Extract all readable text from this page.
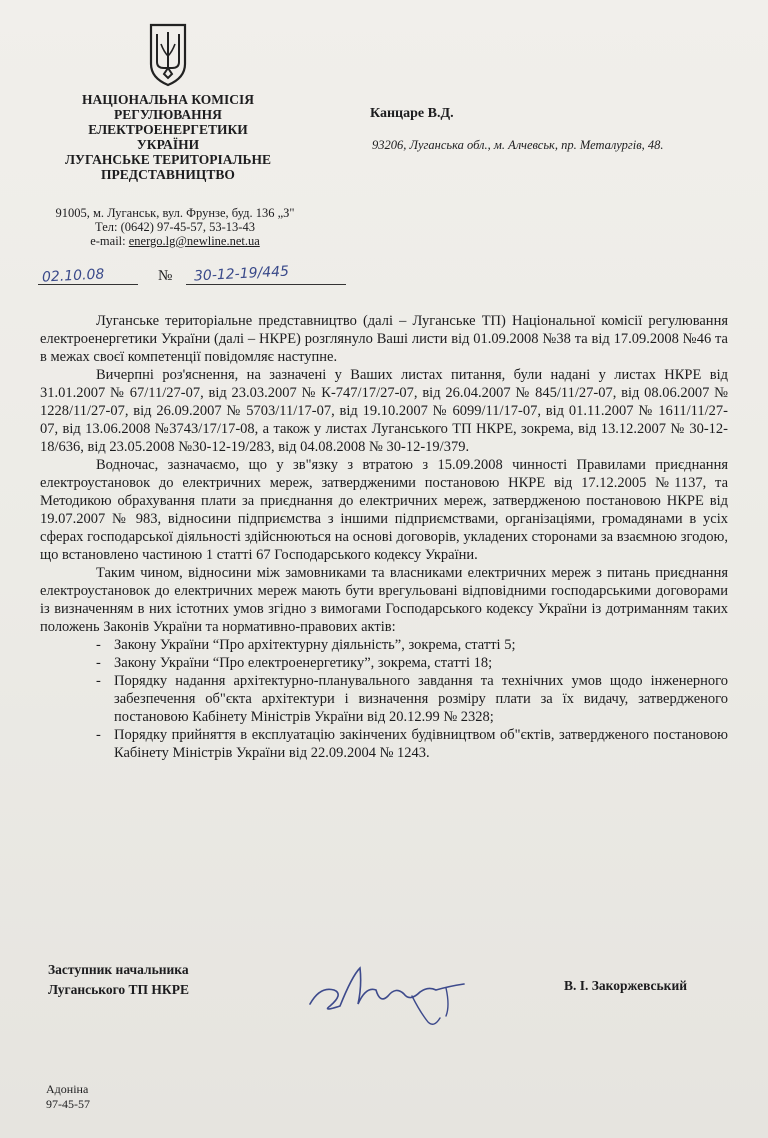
НАЦІОНАЛЬНА КОМІСІЯ
РЕГУЛЮВАННЯ ЕЛЕКТРОЕНЕРГЕТИКИ
УКРАЇНИ
ЛУГАНСЬКЕ ТЕРИТОРІАЛЬНЕ
ПРЕДСТАВНИЦТВО
91005, м. Луганськ, вул. Фрунзе, буд. 136 „З"
Тел: (0642) 97-45-57, 53-13-43
e-mail: energo.lg@newline.net.ua
Канцаре В.Д.
93206, Луганська обл., м. Алчевськ, пр. Металургів, 48.
02.10.08	№ 30-12-19/445

Луганське територіальне представництво (далі – Луганське ТП) Національної комісії регулювання електроенергетики України (далі – НКРЕ) розглянуло Ваші листи від 01.09.2008 №38 та від 17.09.2008 №46 та в межах своєї компетенції повідомляє наступне.

Вичерпні роз'яснення, на зазначені у Ваших листах питання, були надані у листах НКРЕ від 31.01.2007 № 67/11/27-07, від 23.03.2007 № К-747/17/27-07, від 26.04.2007 № 845/11/27-07, від 08.06.2007 № 1228/11/27-07, від 26.09.2007 № 5703/11/17-07, від 19.10.2007 № 6099/11/17-07, від 01.11.2007 № 1611/11/27-07, від 13.06.2008 №3743/17/17-08, а також у листах Луганського ТП НКРЕ, зокрема, від 13.12.2007 № 30-12-18/636, від 23.05.2008 №30-12-19/283, від 04.08.2008 № 30-12-19/379.

Водночас, зазначаємо, що у зв"язку з втратою з 15.09.2008 чинності Правилами приєднання електроустановок до електричних мереж, затвердженими постановою НКРЕ від 17.12.2005 №1137, та Методикою обрахування плати за приєднання до електричних мереж, затвердженою постановою НКРЕ від 19.07.2007 № 983, відносини підприємства з іншими підприємствами, організаціями, громадянами в усіх сферах господарської діяльності здійснюються на основі договорів, укладених сторонами за взаємною згодою, що встановлено частиною 1 статті 67 Господарського кодексу України.

Таким чином, відносини між замовниками та власниками електричних мереж з питань приєднання електроустановок до електричних мереж мають бути врегульовані відповідними господарськими договорами із визначенням в них істотних умов згідно з вимогами Господарського кодексу України із дотриманням таких положень Законів України та нормативно-правових актів:

- Закону України “Про архітектурну діяльність”, зокрема, статті 5;
- Закону України “Про електроенергетику”, зокрема, статті 18;
- Порядку надання архітектурно-планувального завдання та технічних умов щодо інженерного забезпечення об"єкта архітектури і визначення розміру плати за їх видачу, затвердженого постановою Кабінету Міністрів України від 20.12.99 № 2328;
- Порядку прийняття в експлуатацію закінчених будівництвом об"єктів, затвердженого постановою Кабінету Міністрів України від 22.09.2004 № 1243.
Заступник начальника
Луганського ТП НКРЕ	В. І. Закоржевський
Адоніна
97-45-57
